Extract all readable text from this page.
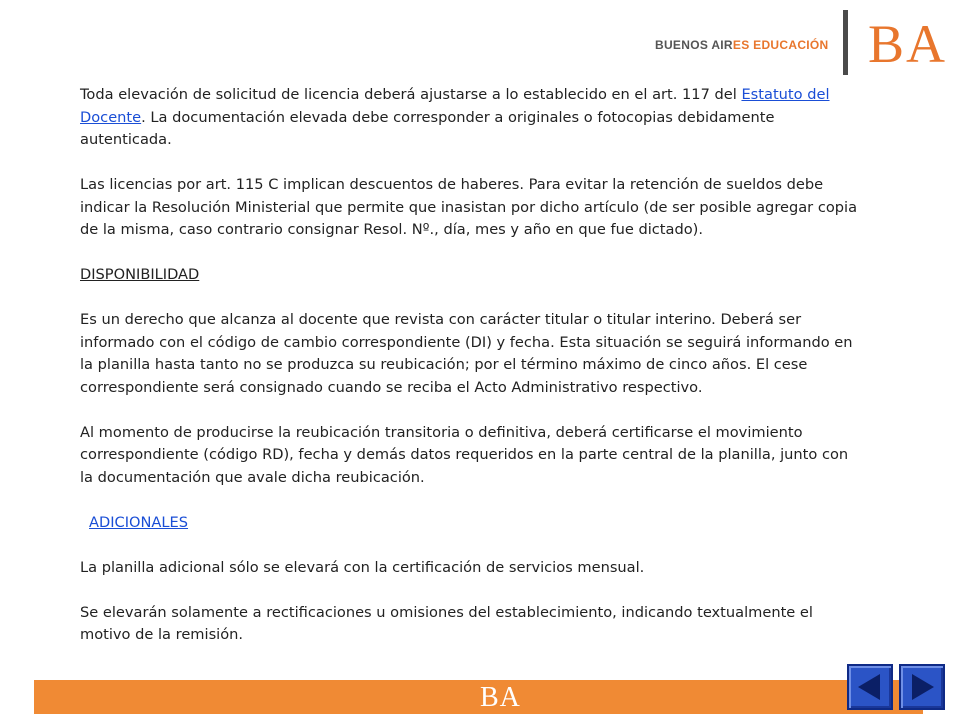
BUENOS AIRES EDUCACIÓN BA

Toda elevación de solicitud de licencia deberá ajustarse a lo establecido en el art. 117 del Estatuto del Docente. La documentación elevada debe corresponder a originales o fotocopias debidamente autenticada.

Las licencias por art. 115 C implican descuentos de haberes. Para evitar la retención de sueldos debe indicar la Resolución Ministerial que permite que inasistan por dicho artículo (de ser posible agregar copia de la misma, caso contrario consignar Resol. Nº., día, mes y año en que fue dictado).

DISPONIBILIDAD

Es un derecho que alcanza al docente que revista con carácter titular o titular interino. Deberá ser informado con el código de cambio correspondiente (DI) y fecha. Esta situación se seguirá informando en la planilla hasta tanto no se produzca su reubicación; por el término máximo de cinco años. El cese correspondiente será consignado cuando se reciba el Acto Administrativo respectivo.

Al momento de producirse la reubicación transitoria o definitiva, deberá certificarse el movimiento correspondiente (código RD), fecha y demás datos requeridos en la parte central de la planilla, junto con la documentación que avale dicha reubicación.

ADICIONALES

La planilla adicional sólo se elevará con la certificación de servicios mensual.

Se elevarán solamente a rectificaciones u omisiones del establecimiento, indicando textualmente el motivo de la remisión.

BA
